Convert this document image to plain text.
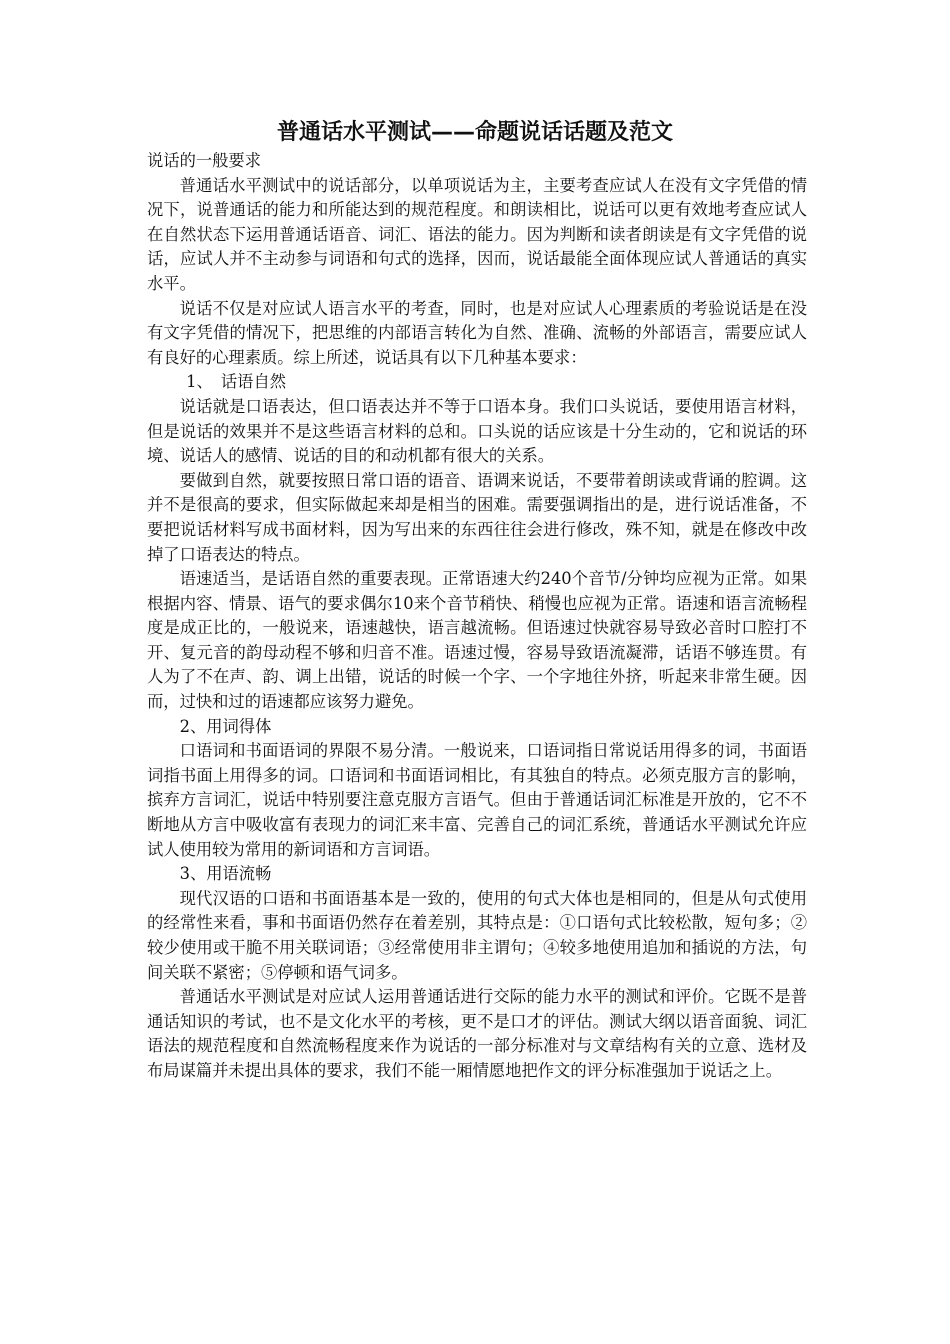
普通话水平测试——命题说话话题及范文

说话的一般要求

普通话水平测试中的说话部分，以单项说话为主，主要考查应试人在没有文字凭借的情况下，说普通话的能力和所能达到的规范程度。和朗读相比，说话可以更有效地考查应试人在自然状态下运用普通话语音、词汇、语法的能力。因为判断和读者朗读是有文字凭借的说话，应试人并不主动参与词语和句式的选择，因而，说话最能全面体现应试人普通话的真实水平。

说话不仅是对应试人语言水平的考查，同时，也是对应试人心理素质的考验说话是在没有文字凭借的情况下，把思维的内部语言转化为自然、准确、流畅的外部语言，需要应试人有良好的心理素质。综上所述，说话具有以下几种基本要求：

1、　话语自然

说话就是口语表达，但口语表达并不等于口语本身。我们口头说话，要使用语言材料，但是说话的效果并不是这些语言材料的总和。口头说的话应该是十分生动的，它和说话的环境、说话人的感情、说话的目的和动机都有很大的关系。

要做到自然，就要按照日常口语的语音、语调来说话，不要带着朗读或背诵的腔调。这并不是很高的要求，但实际做起来却是相当的困难。需要强调指出的是，进行说话准备，不要把说话材料写成书面材料，因为写出来的东西往往会进行修改，殊不知，就是在修改中改掉了口语表达的特点。

语速适当，是话语自然的重要表现。正常语速大约240个音节/分钟均应视为正常。如果根据内容、情景、语气的要求偶尔10来个音节稍快、稍慢也应视为正常。语速和语言流畅程度是成正比的，一般说来，语速越快，语言越流畅。但语速过快就容易导致必音时口腔打不开、复元音的韵母动程不够和归音不准。语速过慢，容易导致语流凝滞，话语不够连贯。有人为了不在声、韵、调上出错，说话的时候一个字、一个字地往外挤，听起来非常生硬。因而，过快和过的语速都应该努力避免。

2、用词得体

口语词和书面语词的界限不易分清。一般说来，口语词指日常说话用得多的词，书面语词指书面上用得多的词。口语词和书面语词相比，有其独自的特点。必须克服方言的影响，摈弃方言词汇，说话中特别要注意克服方言语气。但由于普通话词汇标准是开放的，它不不断地从方言中吸收富有表现力的词汇来丰富、完善自己的词汇系统，普通话水平测试允许应试人使用较为常用的新词语和方言词语。

3、用语流畅

现代汉语的口语和书面语基本是一致的，使用的句式大体也是相同的，但是从句式使用的经常性来看，事和书面语仍然存在着差别，其特点是：①口语句式比较松散，短句多；②较少使用或干脆不用关联词语；③经常使用非主谓句；④较多地使用追加和插说的方法，句间关联不紧密；⑤停顿和语气词多。

普通话水平测试是对应试人运用普通话进行交际的能力水平的测试和评价。它既不是普通话知识的考试，也不是文化水平的考核，更不是口才的评估。测试大纲以语音面貌、词汇语法的规范程度和自然流畅程度来作为说话的一部分标准对与文章结构有关的立意、选材及布局谋篇并未提出具体的要求，我们不能一厢情愿地把作文的评分标准强加于说话之上。
